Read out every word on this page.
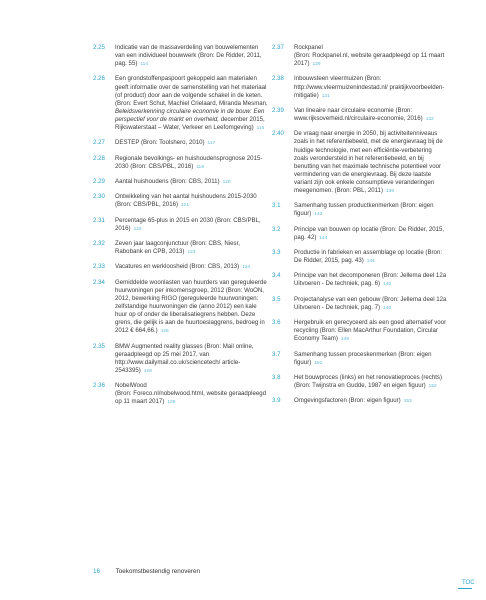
2.25	Indicatie van de massaverdeling van bouwelementen van een individueel bouwwerk (Bron: De Ridder, 2011, pag. 55) 114
2.26	Een grondstoffenpaspoort gekoppeld aan materialen geeft informatie over de samenstelling van het materiaal (of product) door aan de volgende schakel in de keten. (Bron: Evert Schut, Machiel Crielaard, Miranda Mesman, Beleidsverkenning circulaire economie in de bouw: Een perspectief voor de markt en overheid, december 2015, Rijkswaterstaat – Water, Verkeer en Leefomgeving) 115
2.27	DESTEP (Bron: Toolshero, 2010) 117
2.28	Regionale bevolkings- en huishoudensprognose 2015-2030 (Bron: CBS/PBL, 2016) 119
2.29	Aantal huishoudens (Bron: CBS, 2011) 120
2.30	Ontwikkeling van het aantal huishoudens 2015-2030 (Bron: CBS/PBL, 2016) 121
2.31	Percentage 65-plus in 2015 en 2030 (Bron: CBS/PBL, 2016) 122
2.32	Zeven jaar laagconjunctuur (Bron: CBS, Niesr, Rabobank en CPB, 2013) 123
2.33	Vacatures en werkloosheid (Bron: CBS, 2013) 124
2.34	Gemiddelde woonlasten van huurders van gereguleerde huurwoningen per inkomensgroep, 2012 (Bron: WoON, 2012, bewerking RIGO (gereguleerde huurwoningen: zelfstandige huurwoningen die (anno 2012) een kale huur op of onder de liberalisatiegrens hebben. Deze grens, die gelijk is aan de huurtoeslaggrens, bedroeg in 2012 € 664,66.) 125
2.35	BMW Augmented reality glasses (Bron: Mail online, geraadpleegd op 25 mei 2017, van http://www.dailymail.co.uk/sciencetech/ article-2543395) 128
2.36	NobelWood
(Bron: Foreco.nl/nobelwood.html, website geraadpleegd op 11 maart 2017) 128
2.37	Rockpanel
(Bron: Rockpanel.nl, website geraadpleegd op 11 maart 2017) 129
2.38	Inbouwsteen vleermuizen (Bron: http://www.vleermuizenindestad.nl/ praktijkvoorbeelden-mitigatie) 131
2.39	Van lineaire naar circulaire economie (Bron: www.rijksoverheid.nl/circulaire-economie, 2016) 132
2.40	De vraag naar energie in 2050, bij activiteitenniveaus zoals in het referentiebeeld, met de energievraag bij de huidige technologie, met een efficiëntie-verbetering zoals verondersteld in het referentiebeeld, en bij benutting van het maximale technische potentieel voor vermindering van de energievraag. Bij deze laatste variant zijn ook enkele consumptieve veranderingen meegenomen. (Bron: PBL, 2011) 136
3.1	Samenhang tussen productkenmerken (Bron: eigen figuur) 143
3.2	Principe van bouwen op locatie (Bron: De Ridder, 2015, pag. 42) 144
3.3	Productie in fabrieken en assemblage op locatie (Bron: De Ridder, 2015, pag. 43) 144
3.4	Principe van het decomponeren (Bron: Jellema deel 12a Uitvoeren - De techniek, pag. 6) 145
3.5	Projectanalyse van een gebouw (Bron: Jellema deel 12a Uitvoeren - De techniek, pag. 7) 146
3.6	Hergebruik en gerecyceerd als een goed alternatief voor recycling (Bron: Ellen MacArthur Foundation, Circular Economy Team) 149
3.7	Samenhang tussen proceskenmerken (Bron: eigen figuur) 151
3.8	Het bouwproces (links) en het renovatieproces (rechts) (Bron: Twijnstra en Gudde, 1987 en eigen figuur) 152
3.9	Omgevingsfactoren (Bron: eigen figuur) 153
16 Toekomstbestendig renoveren
TOC
